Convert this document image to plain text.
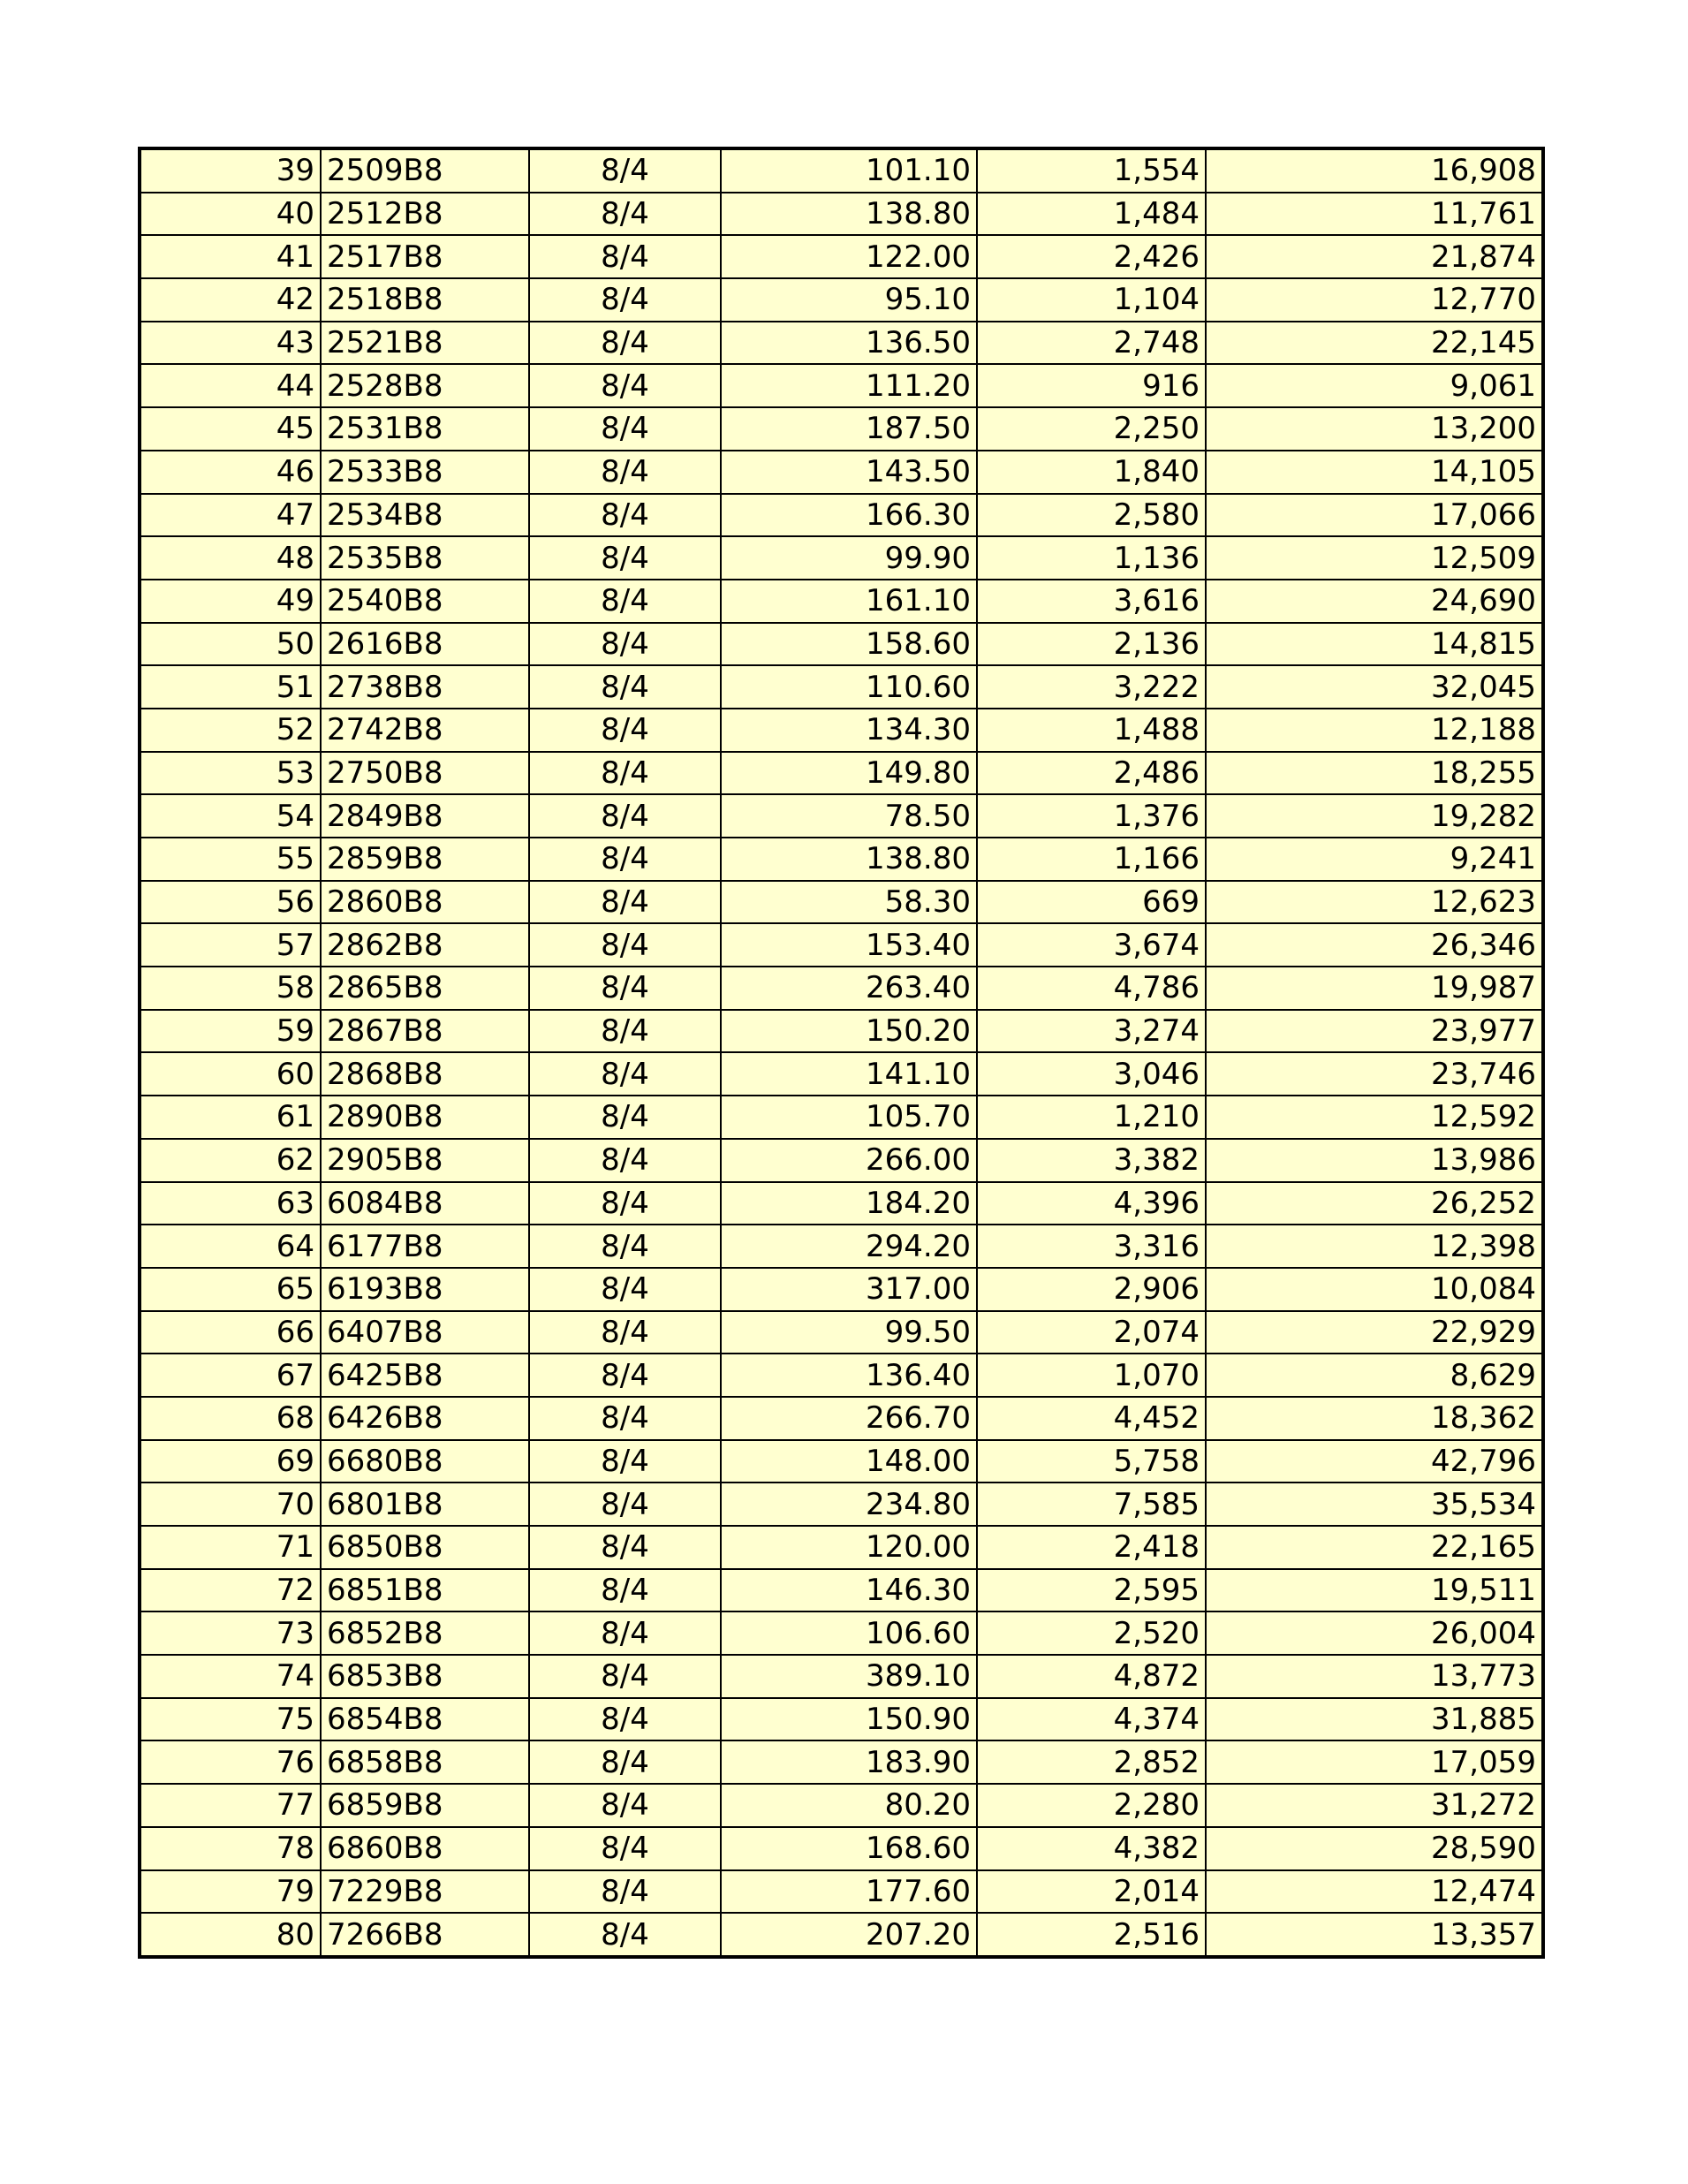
39	2509B8	8/4	101.10	1,554	16,908
40	2512B8	8/4	138.80	1,484	11,761
41	2517B8	8/4	122.00	2,426	21,874
42	2518B8	8/4	95.10	1,104	12,770
43	2521B8	8/4	136.50	2,748	22,145
44	2528B8	8/4	111.20	916	9,061
45	2531B8	8/4	187.50	2,250	13,200
46	2533B8	8/4	143.50	1,840	14,105
47	2534B8	8/4	166.30	2,580	17,066
48	2535B8	8/4	99.90	1,136	12,509
49	2540B8	8/4	161.10	3,616	24,690
50	2616B8	8/4	158.60	2,136	14,815
51	2738B8	8/4	110.60	3,222	32,045
52	2742B8	8/4	134.30	1,488	12,188
53	2750B8	8/4	149.80	2,486	18,255
54	2849B8	8/4	78.50	1,376	19,282
55	2859B8	8/4	138.80	1,166	9,241
56	2860B8	8/4	58.30	669	12,623
57	2862B8	8/4	153.40	3,674	26,346
58	2865B8	8/4	263.40	4,786	19,987
59	2867B8	8/4	150.20	3,274	23,977
60	2868B8	8/4	141.10	3,046	23,746
61	2890B8	8/4	105.70	1,210	12,592
62	2905B8	8/4	266.00	3,382	13,986
63	6084B8	8/4	184.20	4,396	26,252
64	6177B8	8/4	294.20	3,316	12,398
65	6193B8	8/4	317.00	2,906	10,084
66	6407B8	8/4	99.50	2,074	22,929
67	6425B8	8/4	136.40	1,070	8,629
68	6426B8	8/4	266.70	4,452	18,362
69	6680B8	8/4	148.00	5,758	42,796
70	6801B8	8/4	234.80	7,585	35,534
71	6850B8	8/4	120.00	2,418	22,165
72	6851B8	8/4	146.30	2,595	19,511
73	6852B8	8/4	106.60	2,520	26,004
74	6853B8	8/4	389.10	4,872	13,773
75	6854B8	8/4	150.90	4,374	31,885
76	6858B8	8/4	183.90	2,852	17,059
77	6859B8	8/4	80.20	2,280	31,272
78	6860B8	8/4	168.60	4,382	28,590
79	7229B8	8/4	177.60	2,014	12,474
80	7266B8	8/4	207.20	2,516	13,357
